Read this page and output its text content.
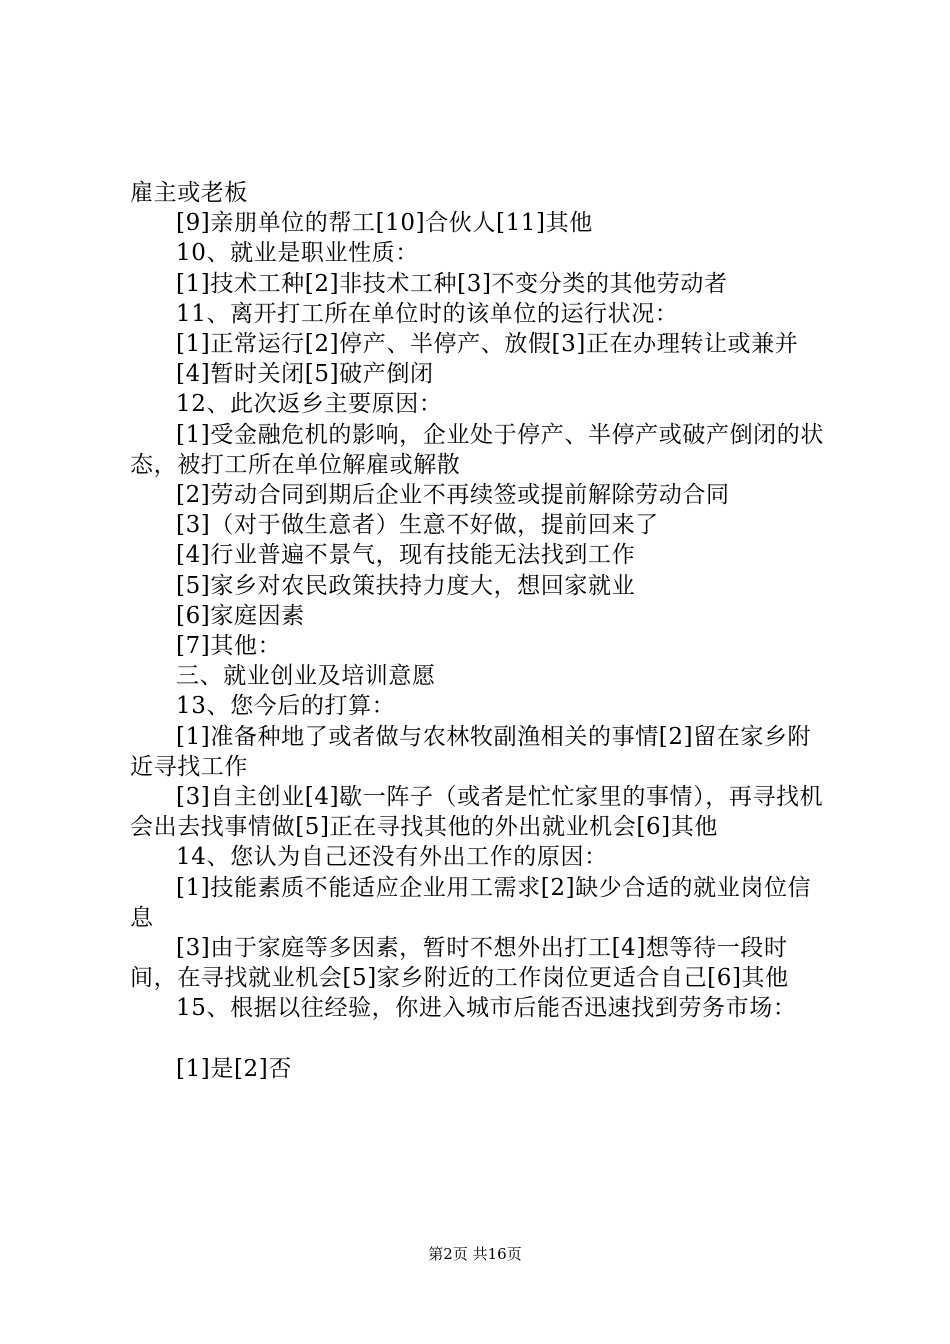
雇主或老板

[9]亲朋单位的帮工[10]合伙人[11]其他

10、就业是职业性质：

[1]技术工种[2]非技术工种[3]不变分类的其他劳动者

11、离开打工所在单位时的该单位的运行状况：

[1]正常运行[2]停产、半停产、放假[3]正在办理转让或兼并

[4]暂时关闭[5]破产倒闭

12、此次返乡主要原因：

[1]受金融危机的影响，企业处于停产、半停产或破产倒闭的状态，被打工所在单位解雇或解散

[2]劳动合同到期后企业不再续签或提前解除劳动合同

[3]（对于做生意者）生意不好做，提前回来了

[4]行业普遍不景气，现有技能无法找到工作

[5]家乡对农民政策扶持力度大，想回家就业

[6]家庭因素

[7]其他：

三、就业创业及培训意愿

13、您今后的打算：

[1]准备种地了或者做与农林牧副渔相关的事情[2]留在家乡附近寻找工作

[3]自主创业[4]歇一阵子（或者是忙忙家里的事情），再寻找机会出去找事情做[5]正在寻找其他的外出就业机会[6]其他

14、您认为自己还没有外出工作的原因：

[1]技能素质不能适应企业用工需求[2]缺少合适的就业岗位信息

[3]由于家庭等多因素，暂时不想外出打工[4]想等待一段时间，在寻找就业机会[5]家乡附近的工作岗位更适合自己[6]其他

15、根据以往经验，你进入城市后能否迅速找到劳务市场：

[1]是[2]否

第2页 共16页
